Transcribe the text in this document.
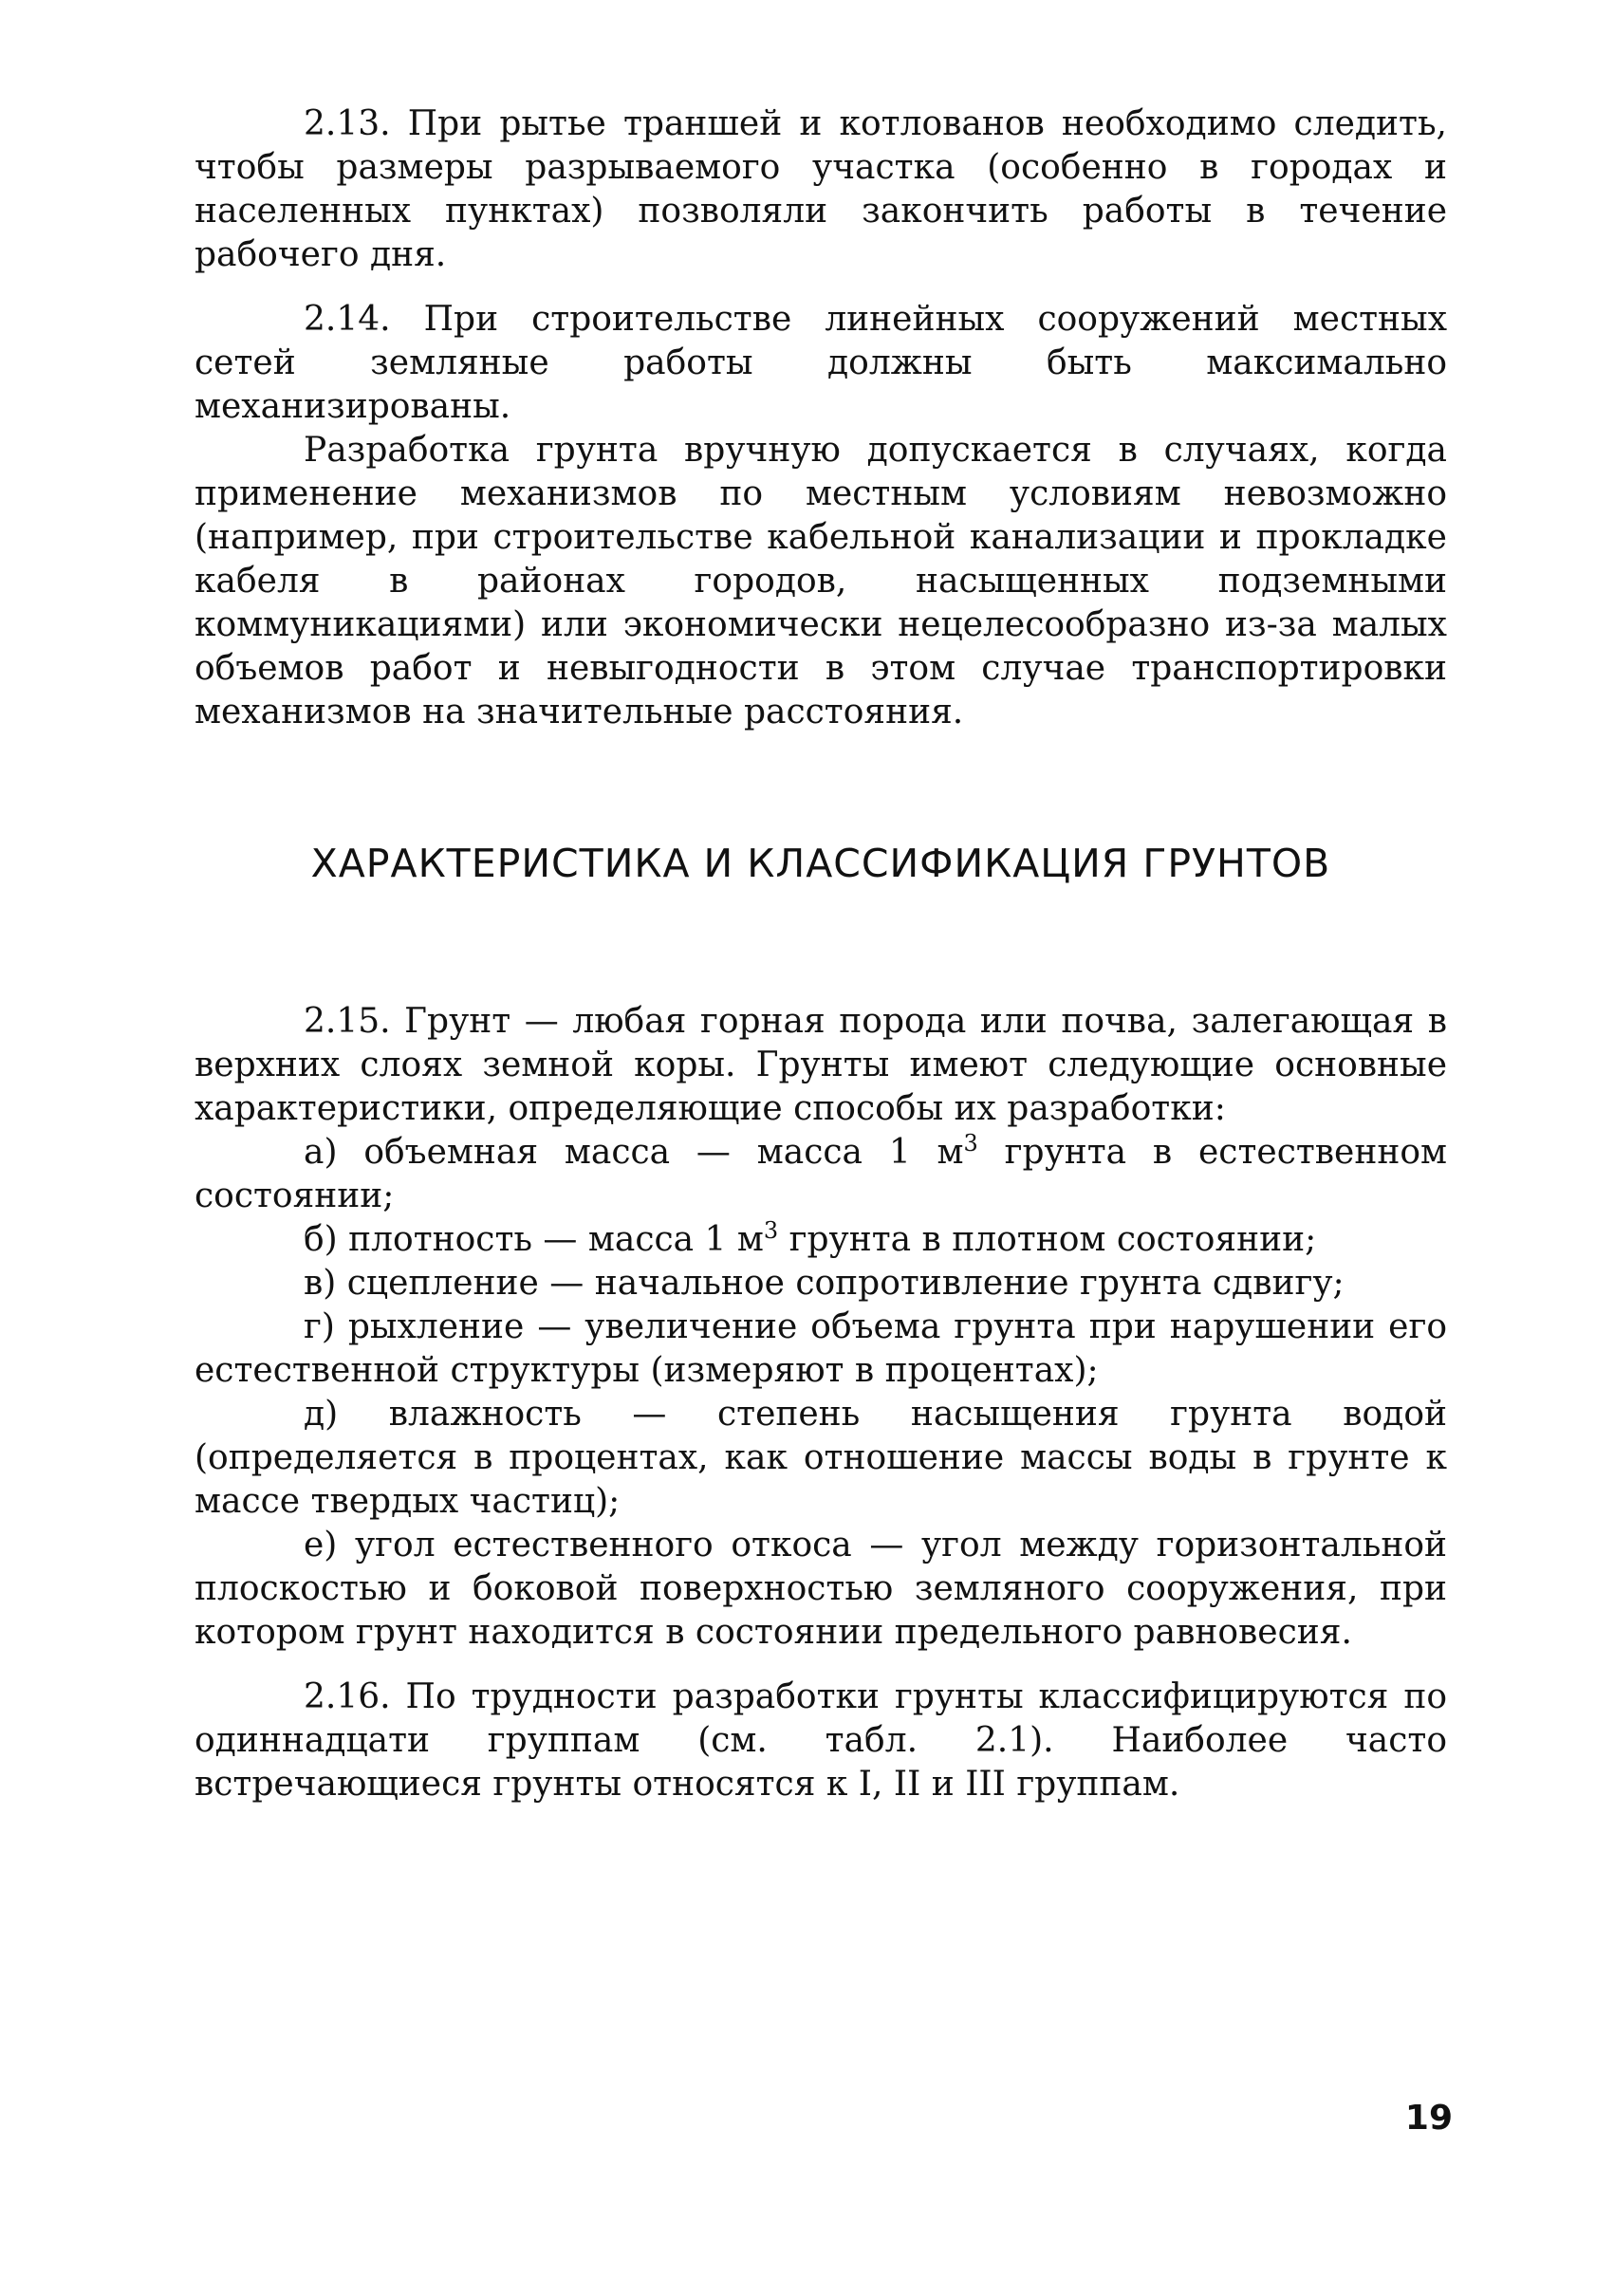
2.13. При рытье траншей и котлованов необходимо следить, чтобы размеры разрываемого участка (особенно в городах и населенных пунктах) позволяли закончить работы в течение рабочего дня.

2.14. При строительстве линейных сооружений местных сетей земляные работы должны быть максимально механизированы.

Разработка грунта вручную допускается в случаях, когда применение механизмов по местным условиям невозможно (например, при строительстве кабельной канализации и прокладке кабеля в районах городов, насыщенных подземными коммуникациями) или экономически нецелесообразно из-за малых объемов работ и невыгодности в этом случае транспортировки механизмов на значительные расстояния.

ХАРАКТЕРИСТИКА И КЛАССИФИКАЦИЯ ГРУНТОВ

2.15. Грунт — любая горная порода или почва, залегающая в верхних слоях земной коры. Грунты имеют следующие основные характеристики, определяющие способы их разработки:

а) объемная масса — масса 1 $м^3$ грунта в естественном состоянии;

б) плотность — масса 1 $м^3$ грунта в плотном состоянии;

в) сцепление — начальное сопротивление грунта сдвигу;

г) рыхление — увеличение объема грунта при нарушении его естественной структуры (измеряют в процентах);

д) влажность — степень насыщения грунта водой (определяется в процентах, как отношение массы воды в грунте к массе твердых частиц);

е) угол естественного откоса — угол между горизонтальной плоскостью и боковой поверхностью земляного сооружения, при котором грунт находится в состоянии предельного равновесия.

2.16. По трудности разработки грунты классифицируются по одиннадцати группам (см. табл. 2.1). Наиболее часто встречающиеся грунты относятся к I, II и III группам.

19
